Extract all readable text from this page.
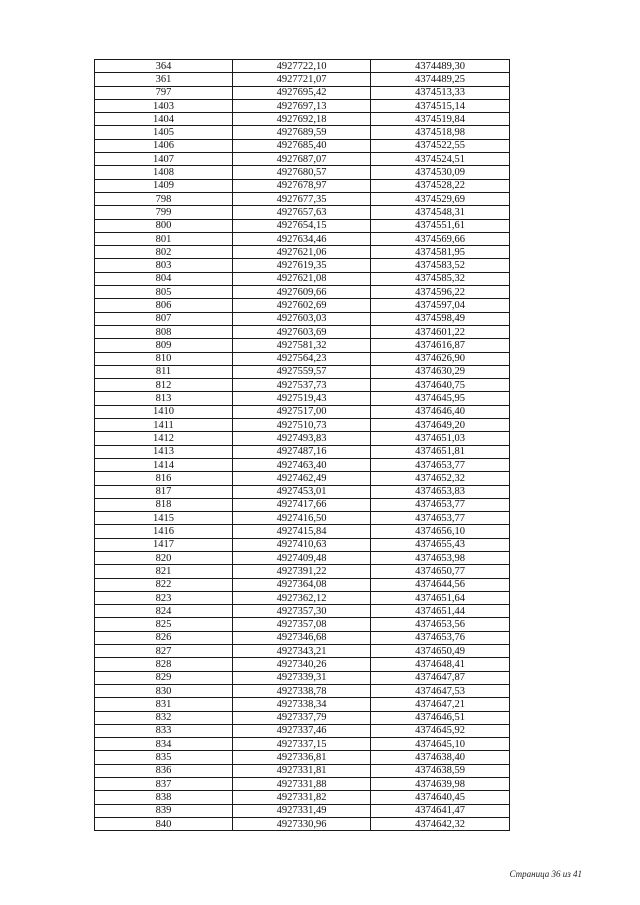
364	4927722,10	4374489,30
361	4927721,07	4374489,25
797	4927695,42	4374513,33
1403	4927697,13	4374515,14
1404	4927692,18	4374519,84
1405	4927689,59	4374518,98
1406	4927685,40	4374522,55
1407	4927687,07	4374524,51
1408	4927680,57	4374530,09
1409	4927678,97	4374528,22
798	4927677,35	4374529,69
799	4927657,63	4374548,31
800	4927654,15	4374551,61
801	4927634,46	4374569,66
802	4927621,06	4374581,95
803	4927619,35	4374583,52
804	4927621,08	4374585,32
805	4927609,66	4374596,22
806	4927602,69	4374597,04
807	4927603,03	4374598,49
808	4927603,69	4374601,22
809	4927581,32	4374616,87
810	4927564,23	4374626,90
811	4927559,57	4374630,29
812	4927537,73	4374640,75
813	4927519,43	4374645,95
1410	4927517,00	4374646,40
1411	4927510,73	4374649,20
1412	4927493,83	4374651,03
1413	4927487,16	4374651,81
1414	4927463,40	4374653,77
816	4927462,49	4374652,32
817	4927453,01	4374653,83
818	4927417,66	4374653,77
1415	4927416,50	4374653,77
1416	4927415,84	4374656,10
1417	4927410,63	4374655,43
820	4927409,48	4374653,98
821	4927391,22	4374650,77
822	4927364,08	4374644,56
823	4927362,12	4374651,64
824	4927357,30	4374651,44
825	4927357,08	4374653,56
826	4927346,68	4374653,76
827	4927343,21	4374650,49
828	4927340,26	4374648,41
829	4927339,31	4374647,87
830	4927338,78	4374647,53
831	4927338,34	4374647,21
832	4927337,79	4374646,51
833	4927337,46	4374645,92
834	4927337,15	4374645,10
835	4927336,81	4374638,40
836	4927331,81	4374638,59
837	4927331,88	4374639,98
838	4927331,82	4374640,45
839	4927331,49	4374641,47
840	4927330,96	4374642,32
Страница 36 из 41
